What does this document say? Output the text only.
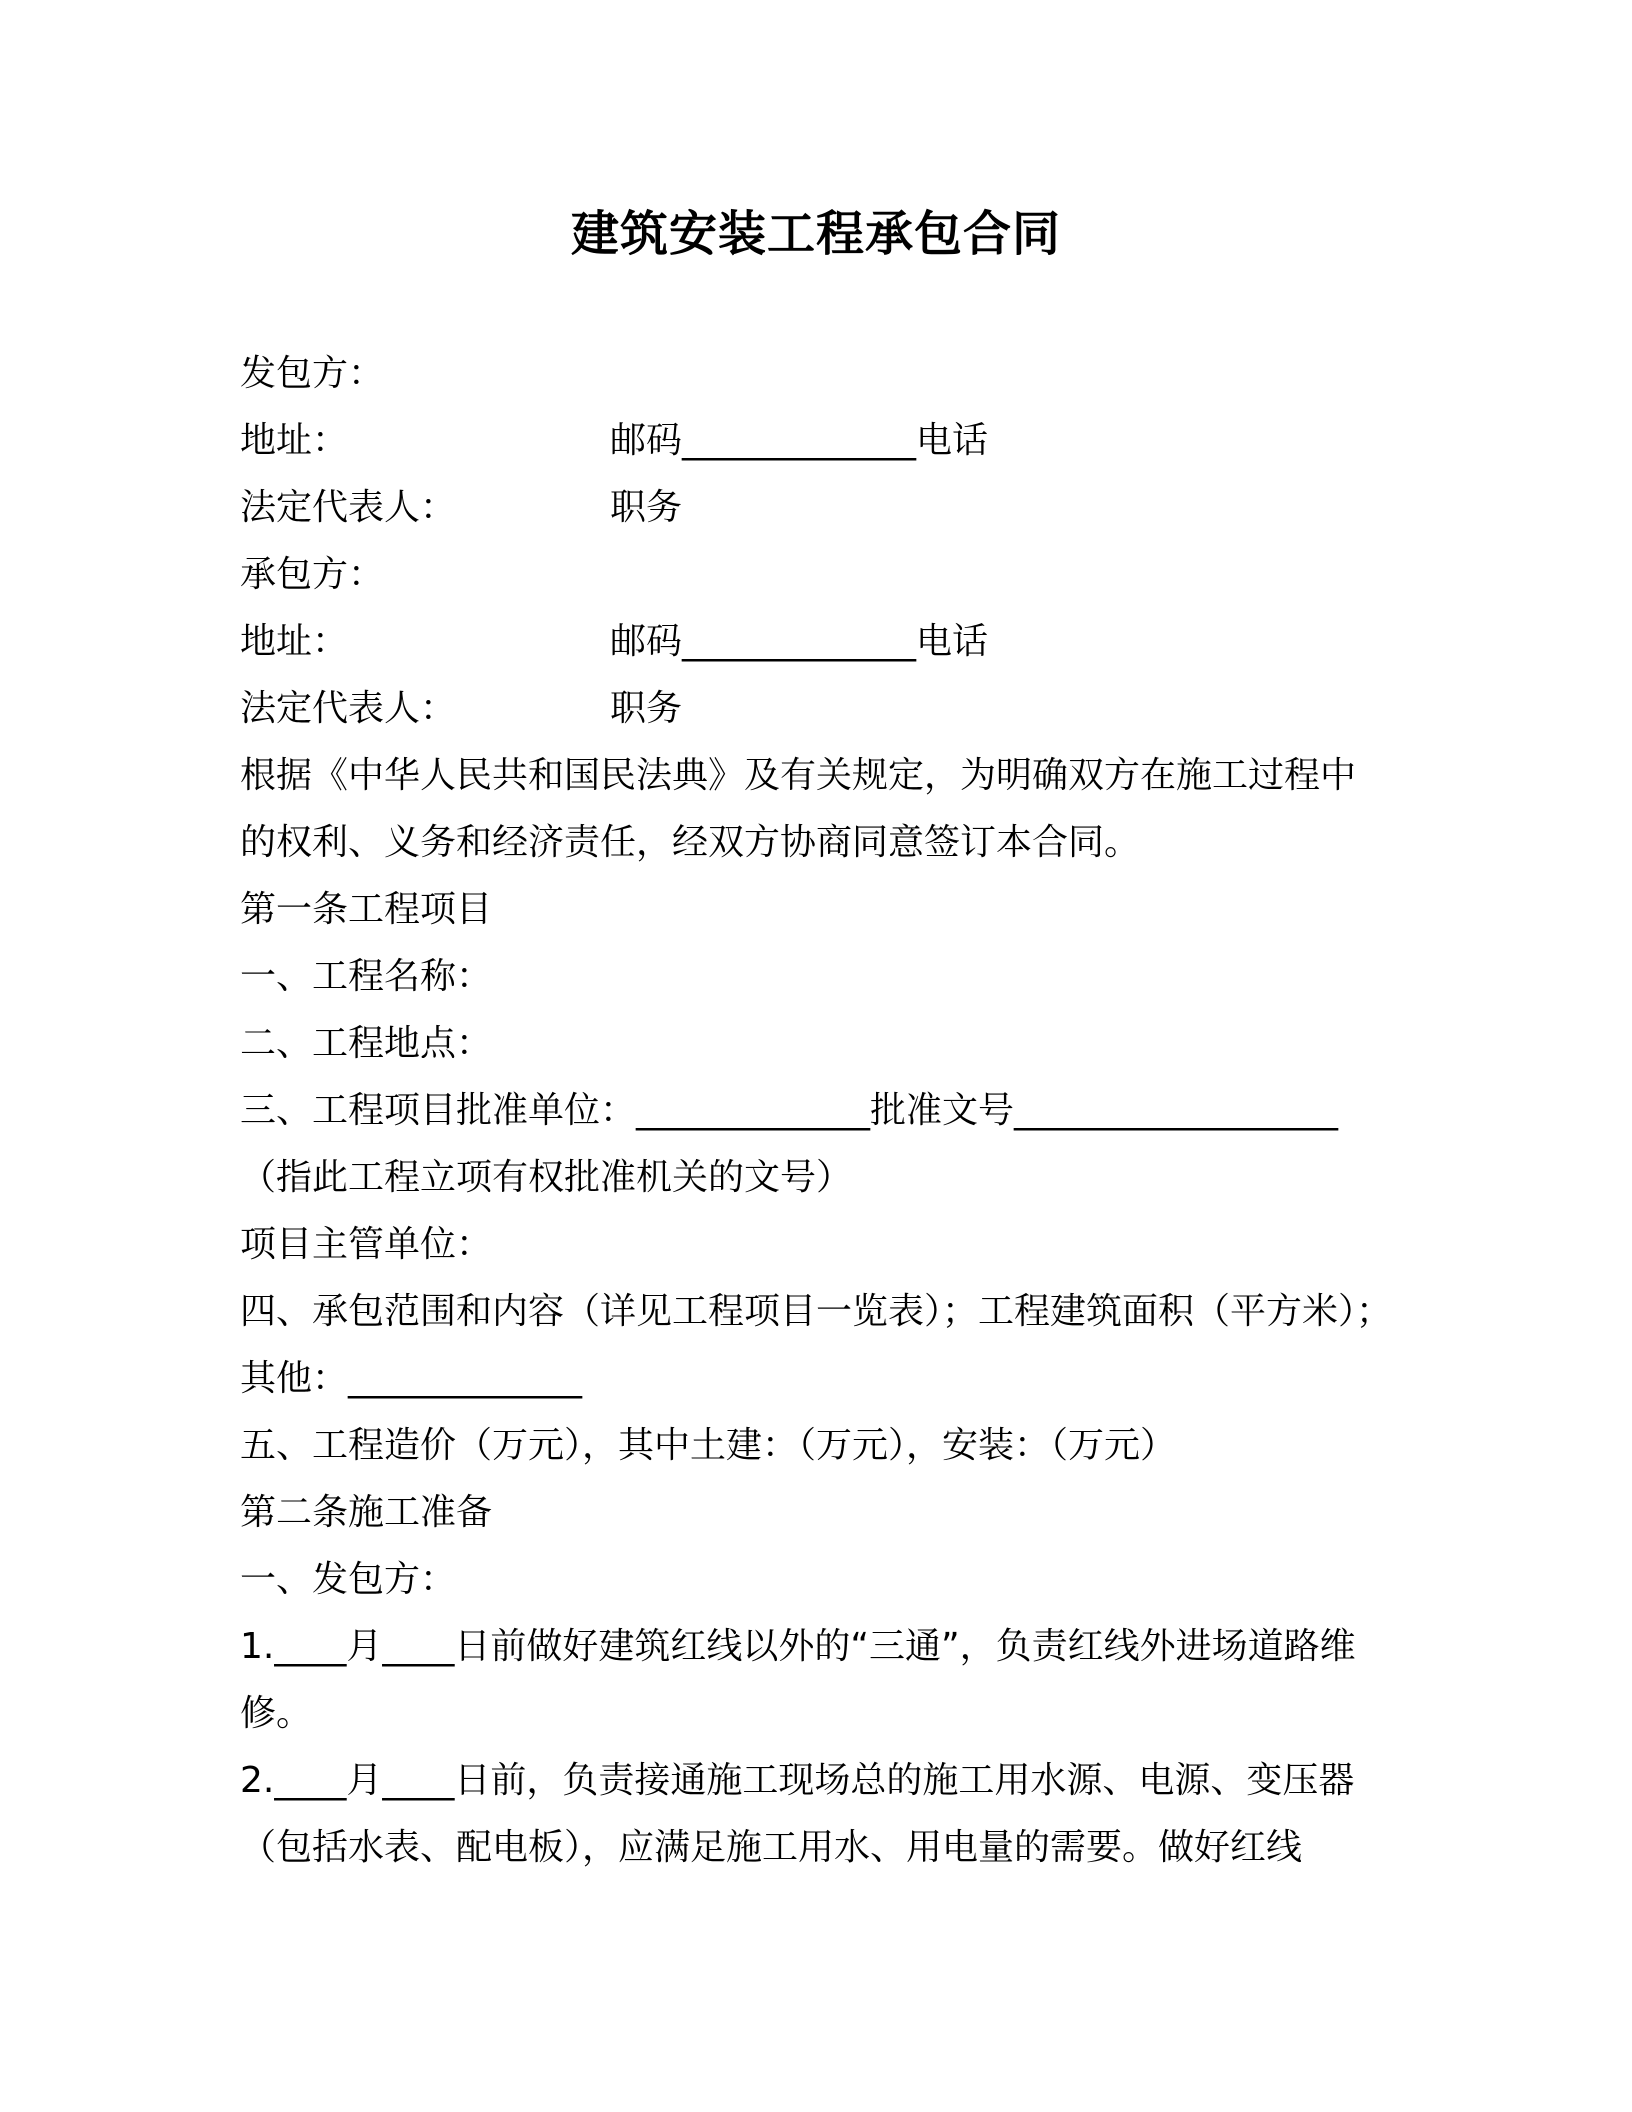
建筑安装工程承包合同
发包方：
地址：	邮码_____________电话
法定代表人：	职务
承包方：
地址：	邮码_____________电话
法定代表人：	职务
根据《中华人民共和国民法典》及有关规定，为明确双方在施工过程中的权利、义务和经济责任，经双方协商同意签订本合同。
第一条工程项目
一、工程名称：
二、工程地点：
三、工程项目批准单位：_____________批准文号__________________
（指此工程立项有权批准机关的文号）
项目主管单位：
四、承包范围和内容（详见工程项目一览表）；工程建筑面积（平方米）；
其他：_____________
五、工程造价（万元），其中土建：（万元），安装：（万元）
第二条施工准备
一、发包方：
1.____月____日前做好建筑红线以外的“三通”，负责红线外进场道路维修。
2.____月____日前，负责接通施工现场总的施工用水源、电源、变压器（包括水表、配电板），应满足施工用水、用电量的需要。做好红线
